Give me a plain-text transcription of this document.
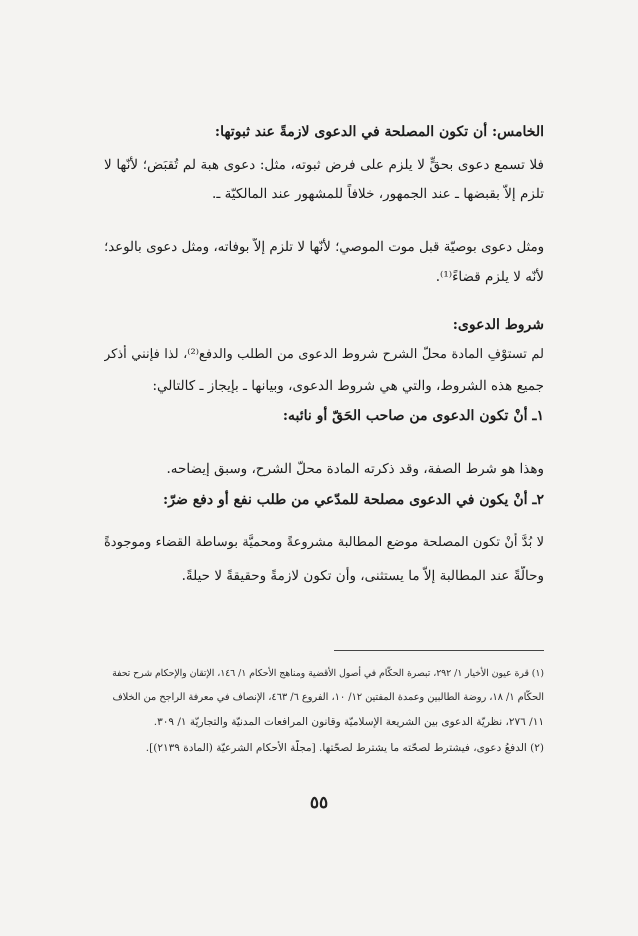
الخامس: أن تكون المصلحة في الدعوى لازمةً عند ثبوتها:
فلا تسمع دعوى بحقٍّ لا يلزم على فرض ثبوته، مثل: دعوى هبة لم تُقبَض؛ لأنّها لا
تلزم إلاّ بقبضها ـ عند الجمهور، خلافاً للمشهور عند المالكيّة ـ.
ومثل دعوى بوصيّة قبل موت الموصي؛ لأنّها لا تلزم إلاّ بوفاته، ومثل دعوى بالوعد؛
لأنّه لا يلزم قضاءً⁽¹⁾.
شروط الدعوى:
لم تستوْفِ المادة محلّ الشرح شروط الدعوى من الطلب والدفع⁽²⁾، لذا فإنني أذكر
جميع هذه الشروط، والتي هي شروط الدعوى، وبيانها ـ بإيجاز ـ كالتالي:
١ـ أنْ تكون الدعوى من صاحب الحَقّ أو نائبه:
وهذا هو شرط الصفة، وقد ذكرته المادة محلّ الشرح، وسبق إيضاحه.
٢ـ أنْ يكون في الدعوى مصلحة للمدّعي من طلب نفع أو دفع ضرّ:
لا بُدَّ أنْ تكون المصلحة موضع المطالبة مشروعةً ومحميَّة بوساطة القضاء وموجودةً
وحالّةً عند المطالبة إلاَّ ما يستثنى، وأن تكون لازمةً وحقيقةً لا حيلةً.
(١) قرة عيون الأخيار ١/ ٢٩٢، تبصرة الحكّام في أصول الأقضية ومناهج الأحكام ١/ ١٤٦، الإتقان والإحكام شرح تحفة
الحكّام ١/ ١٨، روضة الطالبين وعمدة المفتين ١٢/ ١٠، الفروع ٦/ ٤٦٣، الإنصاف في معرفة الراجح من الخلاف
١١/ ٢٧٦، نظريّة الدعوى بين الشريعة الإسلاميّة وقانون المرافعات المدنيّة والتجاريّة ١/ ٣٠٩.
(٢) الدفعُ دعوى، فيشترط لصحّته ما يشترط لصحّتها. [مجلّة الأحكام الشرعيّة (المادة ٢١٣٩)].
٥٥
